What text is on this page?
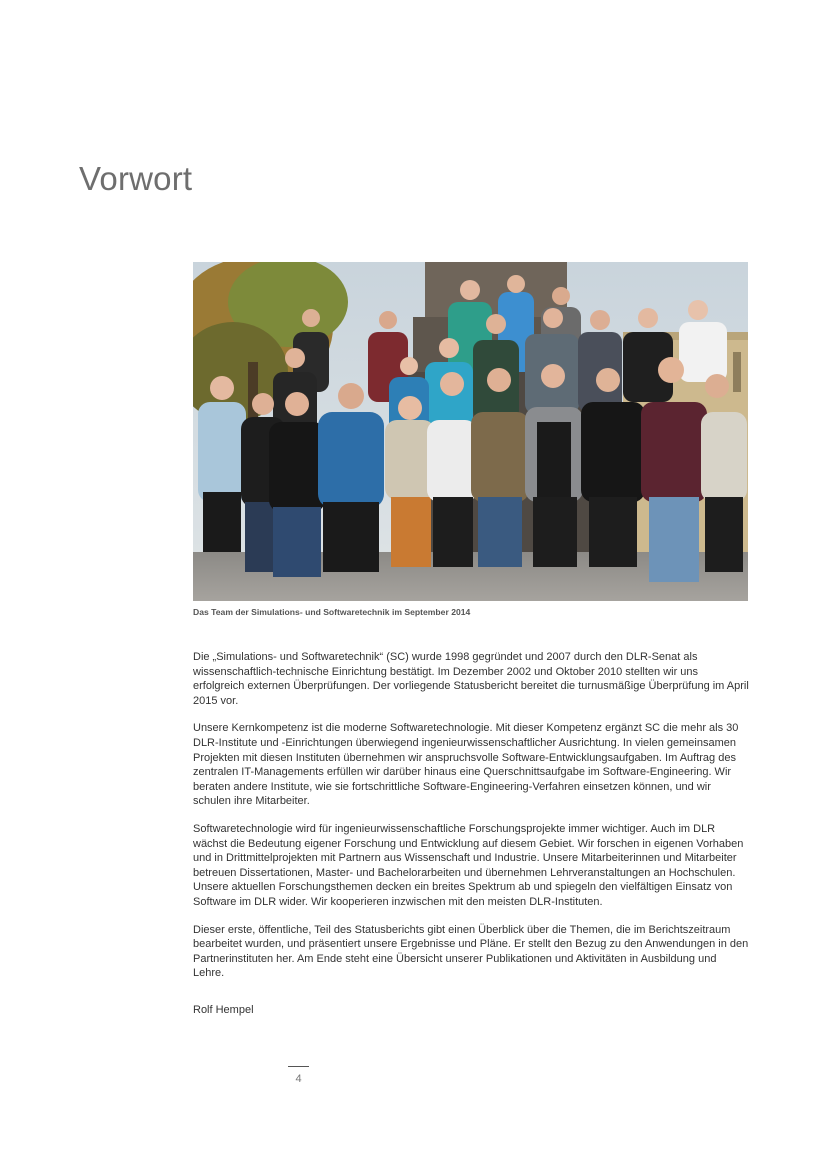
Vorwort
Das Team der Simulations- und Softwaretechnik im September 2014

Die „Simulations- und Softwaretechnik“ (SC) wurde 1998 gegründet und 2007 durch den DLR-Senat als wissenschaftlich-technische Einrichtung bestätigt. Im Dezember 2002 und Oktober 2010 stellten wir uns erfolgreich externen Überprüfungen. Der vorliegende Statusbericht bereitet die turnusmäßige Überprüfung im April 2015 vor.

Unsere Kernkompetenz ist die moderne Softwaretechnologie. Mit dieser Kompetenz ergänzt SC die mehr als 30 DLR-Institute und -Einrichtungen überwiegend ingenieurwissenschaftlicher Ausrichtung. In vielen gemeinsamen Projekten mit diesen Instituten übernehmen wir anspruchsvolle Software-Entwicklungsaufgaben. Im Auftrag des zentralen IT-Managements erfüllen wir darüber hinaus eine Querschnittsaufgabe im Software-Engineering. Wir beraten andere Institute, wie sie fortschrittliche Software-Engineering-Verfahren einsetzen können, und wir schulen ihre Mitarbeiter.

Softwaretechnologie wird für ingenieurwissenschaftliche Forschungsprojekte immer wichtiger. Auch im DLR wächst die Bedeutung eigener Forschung und Entwicklung auf diesem Gebiet. Wir forschen in eigenen Vorhaben und in Drittmittelprojekten mit Partnern aus Wissenschaft und Industrie. Unsere Mitarbeiterinnen und Mitarbeiter betreuen Dissertationen, Master- und Bachelorarbeiten und übernehmen Lehrveranstaltungen an Hochschulen. Unsere aktuellen Forschungsthemen decken ein breites Spektrum ab und spiegeln den vielfältigen Einsatz von Software im DLR wider. Wir kooperieren inzwischen mit den meisten DLR-Instituten.

Dieser erste, öffentliche, Teil des Statusberichts gibt einen Überblick über die Themen, die im Berichtszeitraum bearbeitet wurden, und präsentiert unsere Ergebnisse und Pläne. Er stellt den Bezug zu den Anwendungen in den Partnerinstituten her. Am Ende steht eine Übersicht unserer Publikationen und Aktivitäten in Ausbildung und Lehre.

Rolf Hempel
4
